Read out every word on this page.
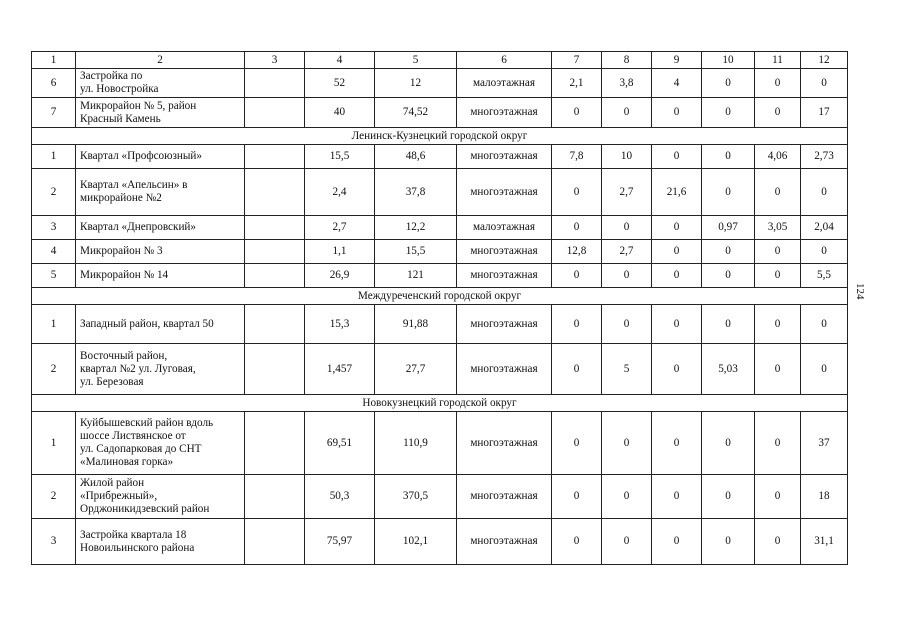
1	2	3	4	5	6	7	8	9	10	11	12
6	Застройка по
ул. Новостройка		52	12	малоэтажная	2,1	3,8	4	0	0	0
7	Микрорайон № 5, район
Красный Камень		40	74,52	многоэтажная	0	0	0	0	0	17
Ленинск-Кузнецкий городской округ											
1	Квартал «Профсоюзный»		15,5	48,6	многоэтажная	7,8	10	0	0	4,06	2,73
2	Квартал «Апельсин» в
микрорайоне №2		2,4	37,8	многоэтажная	0	2,7	21,6	0	0	0
3	Квартал «Днепровский»		2,7	12,2	малоэтажная	0	0	0	0,97	3,05	2,04
4	Микрорайон № 3		1,1	15,5	многоэтажная	12,8	2,7	0	0	0	0
5	Микрорайон № 14		26,9	121	многоэтажная	0	0	0	0	0	5,5
Междуреченский городской округ											
1	Западный район, квартал 50		15,3	91,88	многоэтажная	0	0	0	0	0	0
2	Восточный район,
квартал №2 ул. Луговая,
ул. Березовая		1,457	27,7	многоэтажная	0	5	0	5,03	0	0
Новокузнецкий городской округ											
1	Куйбышевский район вдоль
шоссе Листвянское от
ул. Садопарковая до СНТ
«Малиновая горка»		69,51	110,9	многоэтажная	0	0	0	0	0	37
2	Жилой район
«Прибрежный»,
Орджоникидзевский район		50,3	370,5	многоэтажная	0	0	0	0	0	18
3	Застройка квартала 18
Новоильинского района		75,97	102,1	многоэтажная	0	0	0	0	0	31,1
124
